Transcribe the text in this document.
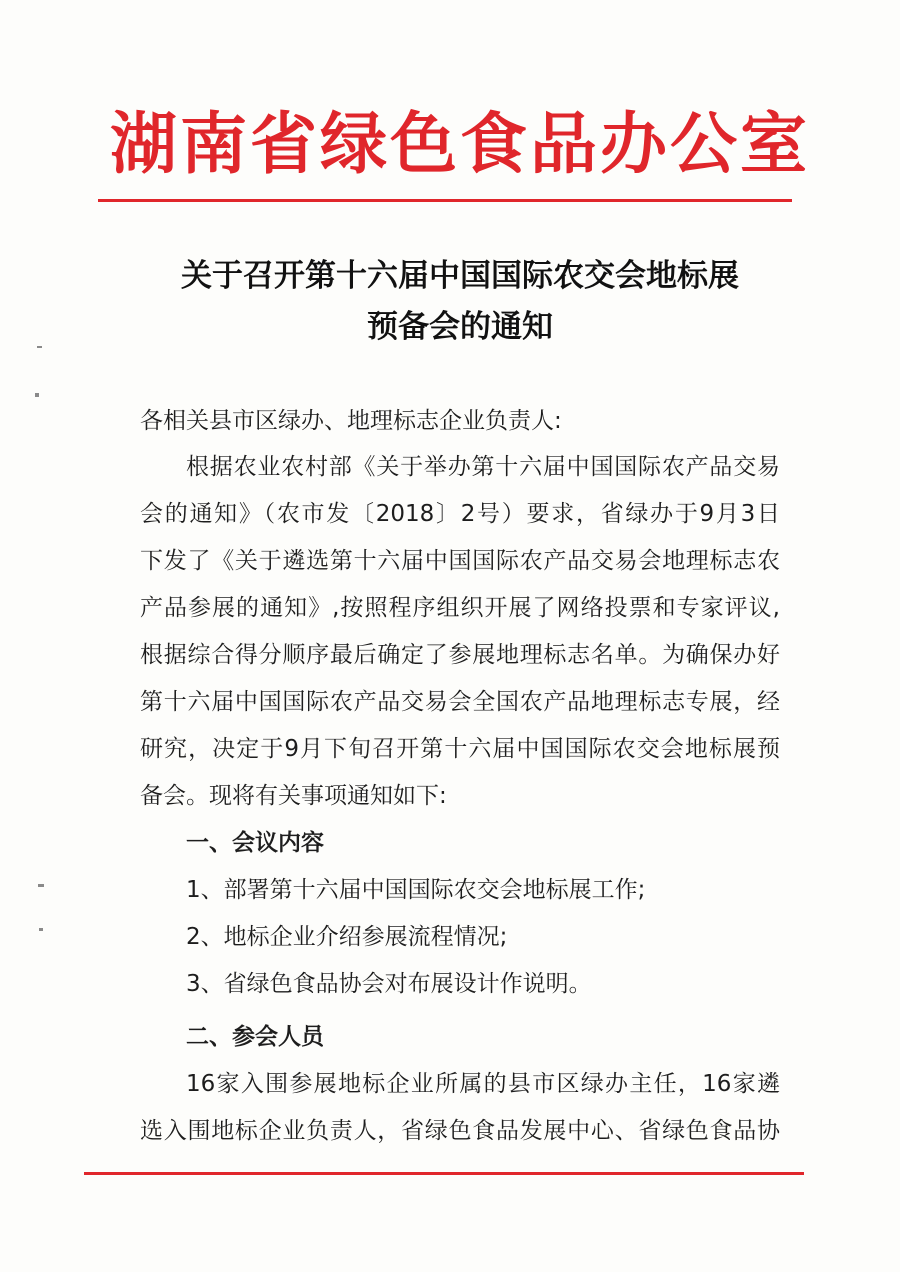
湖南省绿色食品办公室
关于召开第十六届中国国际农交会地标展
预备会的通知
各相关县市区绿办、地理标志企业负责人:
根据农业农村部《关于举办第十六届中国国际农产品交易
会的通知》（农市发〔2018〕2号）要求，省绿办于9月3日
下发了《关于遴选第十六届中国国际农产品交易会地理标志农
产品参展的通知》,按照程序组织开展了网络投票和专家评议,
根据综合得分顺序最后确定了参展地理标志名单。为确保办好
第十六届中国国际农产品交易会全国农产品地理标志专展，经
研究，决定于9月下旬召开第十六届中国国际农交会地标展预
备会。现将有关事项通知如下:
一、会议内容
1、部署第十六届中国国际农交会地标展工作;
2、地标企业介绍参展流程情况;
3、省绿色食品协会对布展设计作说明。
二、参会人员
16家入围参展地标企业所属的县市区绿办主任，16家遴
选入围地标企业负责人，省绿色食品发展中心、省绿色食品协
